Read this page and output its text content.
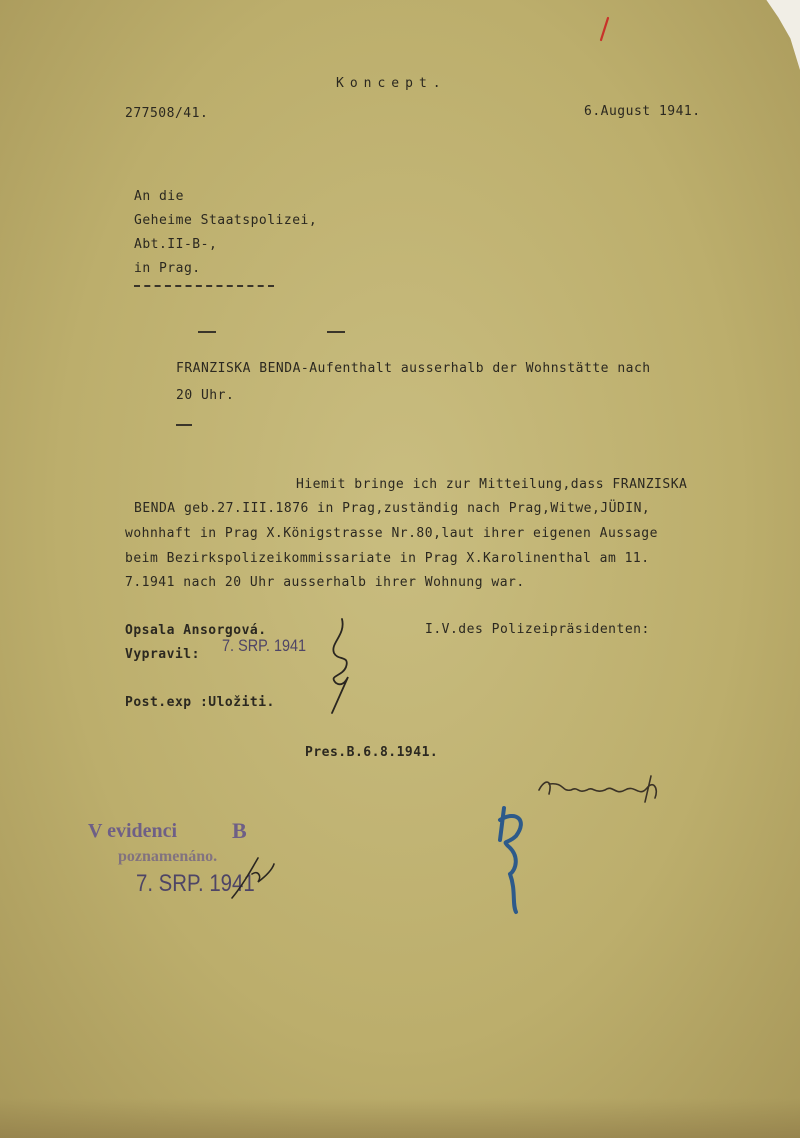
Koncept.
277508/41.	6.August 1941.
An die
Geheime Staatspolizei,
Abt.II-B-,
in Prag.
FRANZISKA BENDA-Aufenthalt ausserhalb der Wohnstätte nach
20 Uhr.
Hiemit bringe ich zur Mitteilung,dass FRANZISKA
BENDA geb.27.III.1876 in Prag,zuständig nach Prag,Witwe,JÜDIN,
wohnhaft in Prag X.Königstrasse Nr.80,laut ihrer eigenen Aussage
beim Bezirkspolizeikommissariate in Prag X.Karolinenthal am 11.
7.1941 nach 20 Uhr ausserhalb ihrer Wohnung war.
Opsala Ansorgová.
Vypravil: 7. SRP. 1941
I.V.des Polizeipräsidenten:
Post.exp :Uložiti.
Pres.B.6.8.1941.
V evidenci B
poznamenáno.
7. SRP. 1941
